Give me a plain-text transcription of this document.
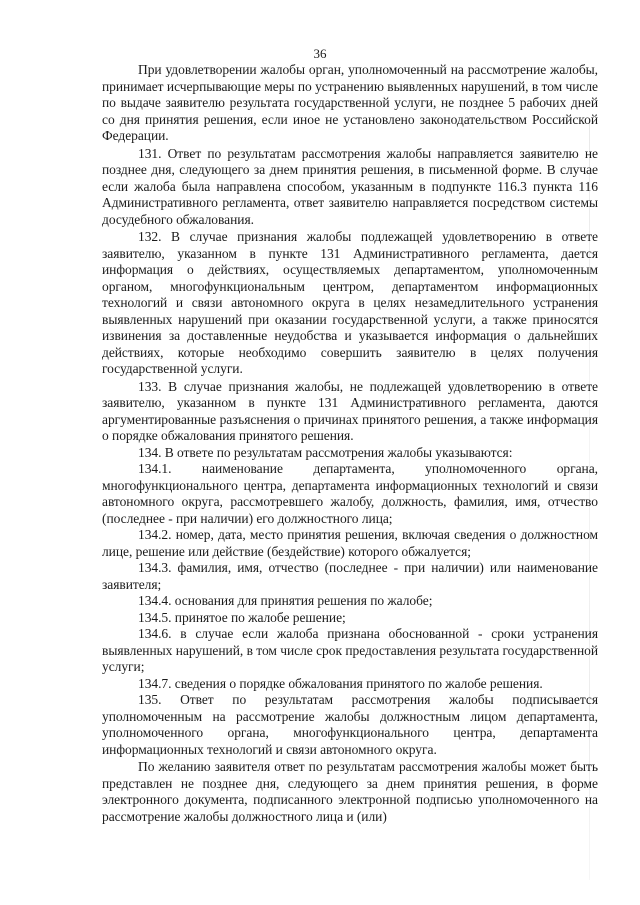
36

При удовлетворении жалобы орган, уполномоченный на рассмотрение жалобы, принимает исчерпывающие меры по устранению выявленных нарушений, в том числе по выдаче заявителю результата государственной услуги, не позднее 5 рабочих дней со дня принятия решения, если иное не установлено законодательством Российской Федерации.

131. Ответ по результатам рассмотрения жалобы направляется заявителю не позднее дня, следующего за днем принятия решения, в письменной форме. В случае если жалоба была направлена способом, указанным в подпункте 116.3 пункта 116 Административного регламента, ответ заявителю направляется посредством системы досудебного обжалования.

132. В случае признания жалобы подлежащей удовлетворению в ответе заявителю, указанном в пункте 131 Административного регламента, дается информация о действиях, осуществляемых департаментом, уполномоченным органом, многофункциональным центром, департаментом информационных технологий и связи автономного округа в целях незамедлительного устранения выявленных нарушений при оказании государственной услуги, а также приносятся извинения за доставленные неудобства и указывается информация о дальнейших действиях, которые необходимо совершить заявителю в целях получения государственной услуги.

133. В случае признания жалобы, не подлежащей удовлетворению в ответе заявителю, указанном в пункте 131 Административного регламента, даются аргументированные разъяснения о причинах принятого решения, а также информация о порядке обжалования принятого решения.

134. В ответе по результатам рассмотрения жалобы указываются:

134.1. наименование департамента, уполномоченного органа, многофункционального центра, департамента информационных технологий и связи автономного округа, рассмотревшего жалобу, должность, фамилия, имя, отчество (последнее - при наличии) его должностного лица;

134.2. номер, дата, место принятия решения, включая сведения о должностном лице, решение или действие (бездействие) которого обжалуется;

134.3. фамилия, имя, отчество (последнее - при наличии) или наименование заявителя;

134.4. основания для принятия решения по жалобе;

134.5. принятое по жалобе решение;

134.6. в случае если жалоба признана обоснованной - сроки устранения выявленных нарушений, в том числе срок предоставления результата государственной услуги;

134.7. сведения о порядке обжалования принятого по жалобе решения.

135. Ответ по результатам рассмотрения жалобы подписывается уполномоченным на рассмотрение жалобы должностным лицом департамента, уполномоченного органа, многофункционального центра, департамента информационных технологий и связи автономного округа.

По желанию заявителя ответ по результатам рассмотрения жалобы может быть представлен не позднее дня, следующего за днем принятия решения, в форме электронного документа, подписанного электронной подписью уполномоченного на рассмотрение жалобы должностного лица и (или)
